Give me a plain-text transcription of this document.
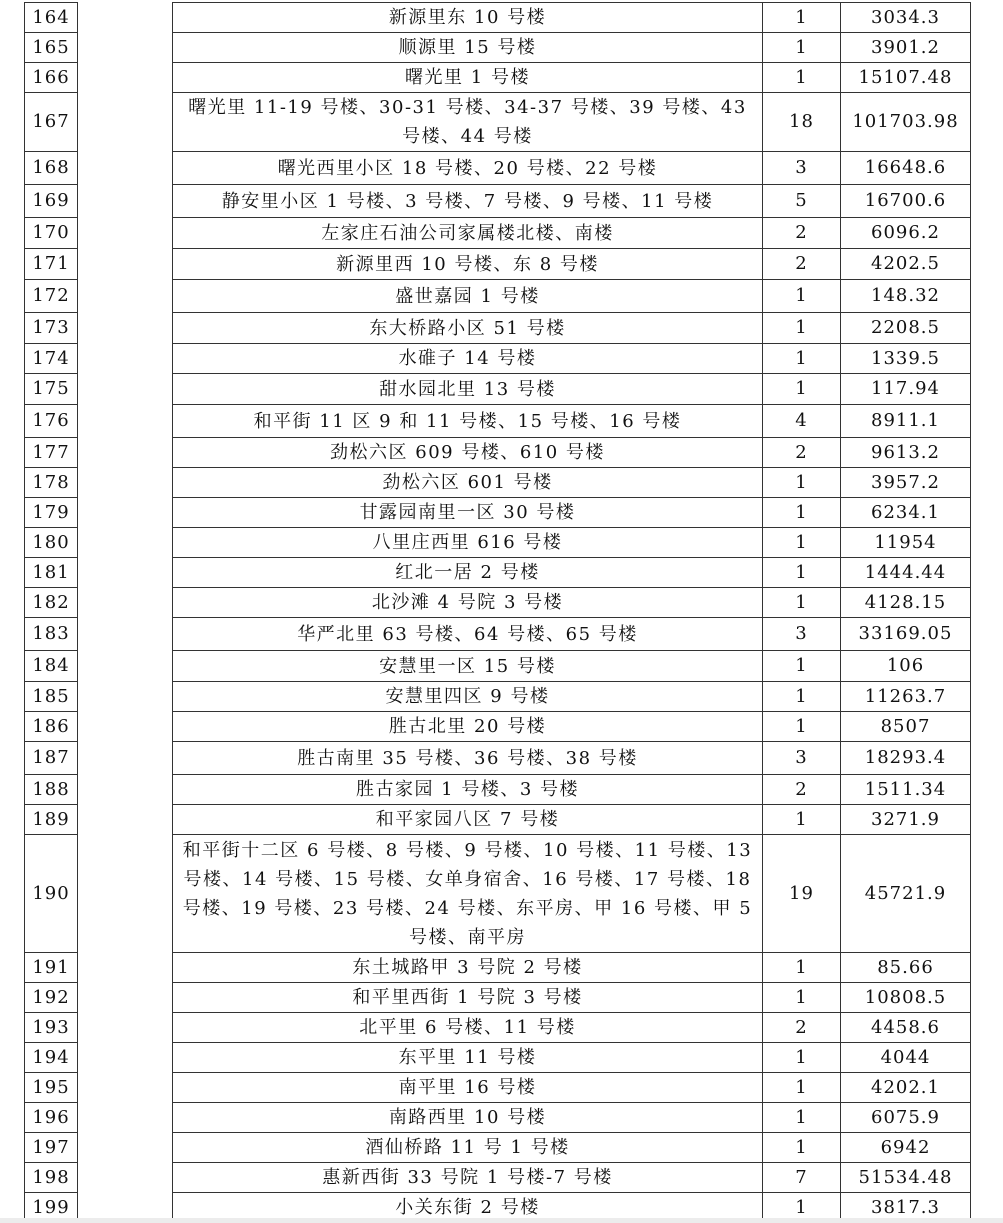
164		新源里东 10 号楼	1	3034.3
165		顺源里 15 号楼	1	3901.2
166		曙光里 1 号楼	1	15107.48
167		曙光里 11-19 号楼、30-31 号楼、34-37 号楼、39 号楼、43 号楼、44 号楼	18	101703.98
168		曙光西里小区 18 号楼、20 号楼、22 号楼	3	16648.6
169		静安里小区 1 号楼、3 号楼、7 号楼、9 号楼、11 号楼	5	16700.6
170		左家庄石油公司家属楼北楼、南楼	2	6096.2
171		新源里西 10 号楼、东 8 号楼	2	4202.5
172		盛世嘉园 1 号楼	1	148.32
173		东大桥路小区 51 号楼	1	2208.5
174		水碓子 14 号楼	1	1339.5
175		甜水园北里 13 号楼	1	117.94
176		和平街 11 区 9 和 11 号楼、15 号楼、16 号楼	4	8911.1
177		劲松六区 609 号楼、610 号楼	2	9613.2
178		劲松六区 601 号楼	1	3957.2
179		甘露园南里一区 30 号楼	1	6234.1
180		八里庄西里 616 号楼	1	11954
181		红北一居 2 号楼	1	1444.44
182		北沙滩 4 号院 3 号楼	1	4128.15
183		华严北里 63 号楼、64 号楼、65 号楼	3	33169.05
184		安慧里一区 15 号楼	1	106
185		安慧里四区 9 号楼	1	11263.7
186		胜古北里 20 号楼	1	8507
187		胜古南里 35 号楼、36 号楼、38 号楼	3	18293.4
188		胜古家园 1 号楼、3 号楼	2	1511.34
189		和平家园八区 7 号楼	1	3271.9
190		和平街十二区 6 号楼、8 号楼、9 号楼、10 号楼、11 号楼、13 号楼、14 号楼、15 号楼、女单身宿舍、16 号楼、17 号楼、18 号楼、19 号楼、23 号楼、24 号楼、东平房、甲 16 号楼、甲 5 号楼、南平房	19	45721.9
191		东土城路甲 3 号院 2 号楼	1	85.66
192		和平里西街 1 号院 3 号楼	1	10808.5
193		北平里 6 号楼、11 号楼	2	4458.6
194		东平里 11 号楼	1	4044
195		南平里 16 号楼	1	4202.1
196		南路西里 10 号楼	1	6075.9
197		酒仙桥路 11 号 1 号楼	1	6942
198		惠新西街 33 号院 1 号楼-7 号楼	7	51534.48
199		小关东街 2 号楼	1	3817.3
